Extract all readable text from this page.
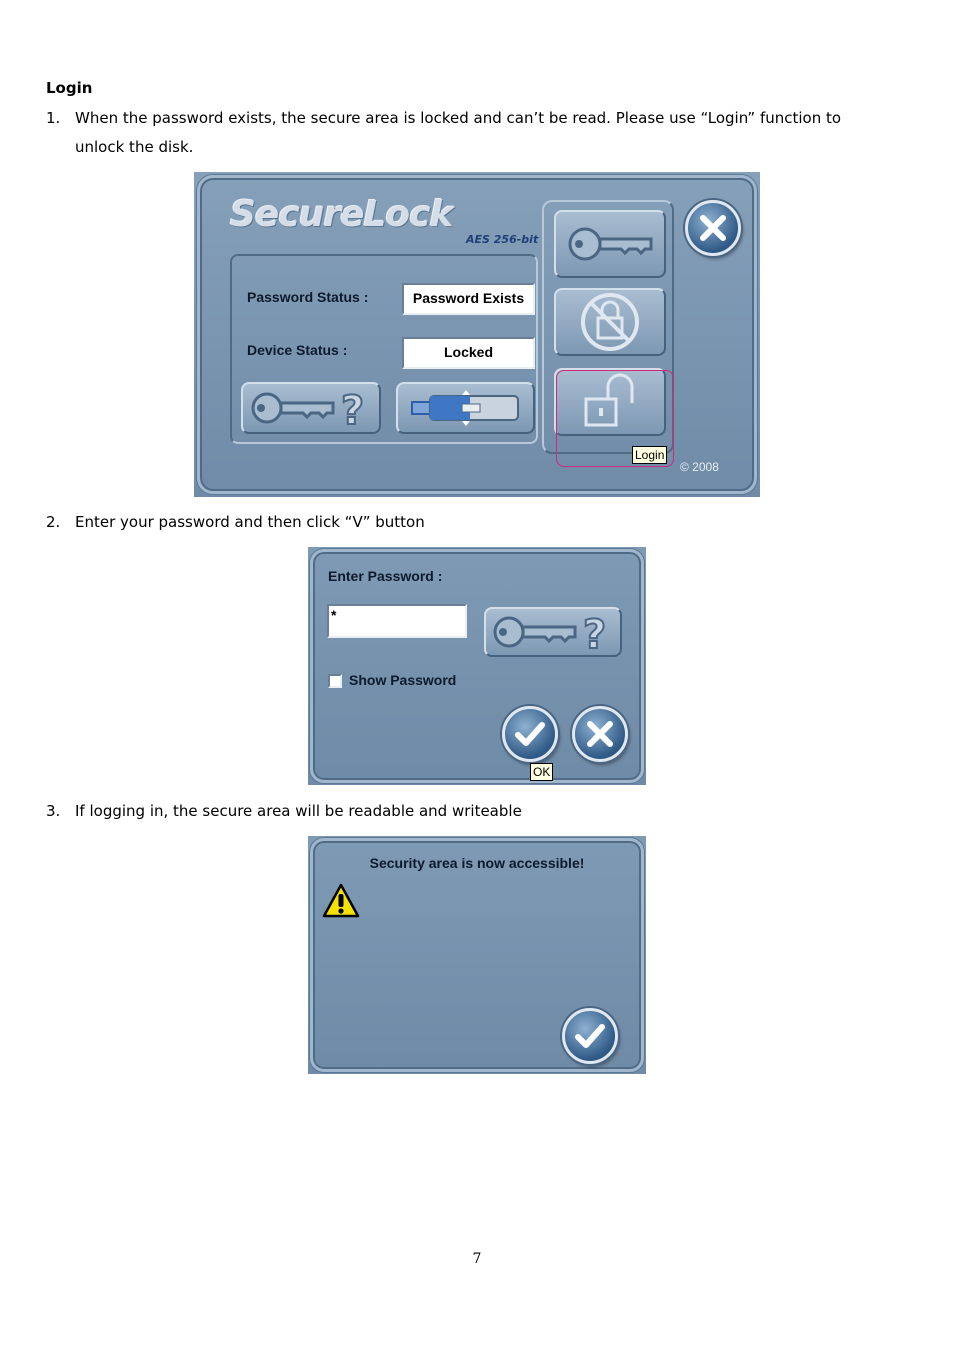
Login
1. When the password exists, the secure area is locked and can’t be read. Please use “Login” function to
unlock the disk.
SecureLock
AES 256-bit
Password Status :	Password Exists
Device Status :	Locked
?
Login
© 2008
2. Enter your password and then click “V” button
Enter Password :
*	?
Show Password
OK
3. If logging in, the secure area will be readable and writeable
Security area is now accessible!
7
